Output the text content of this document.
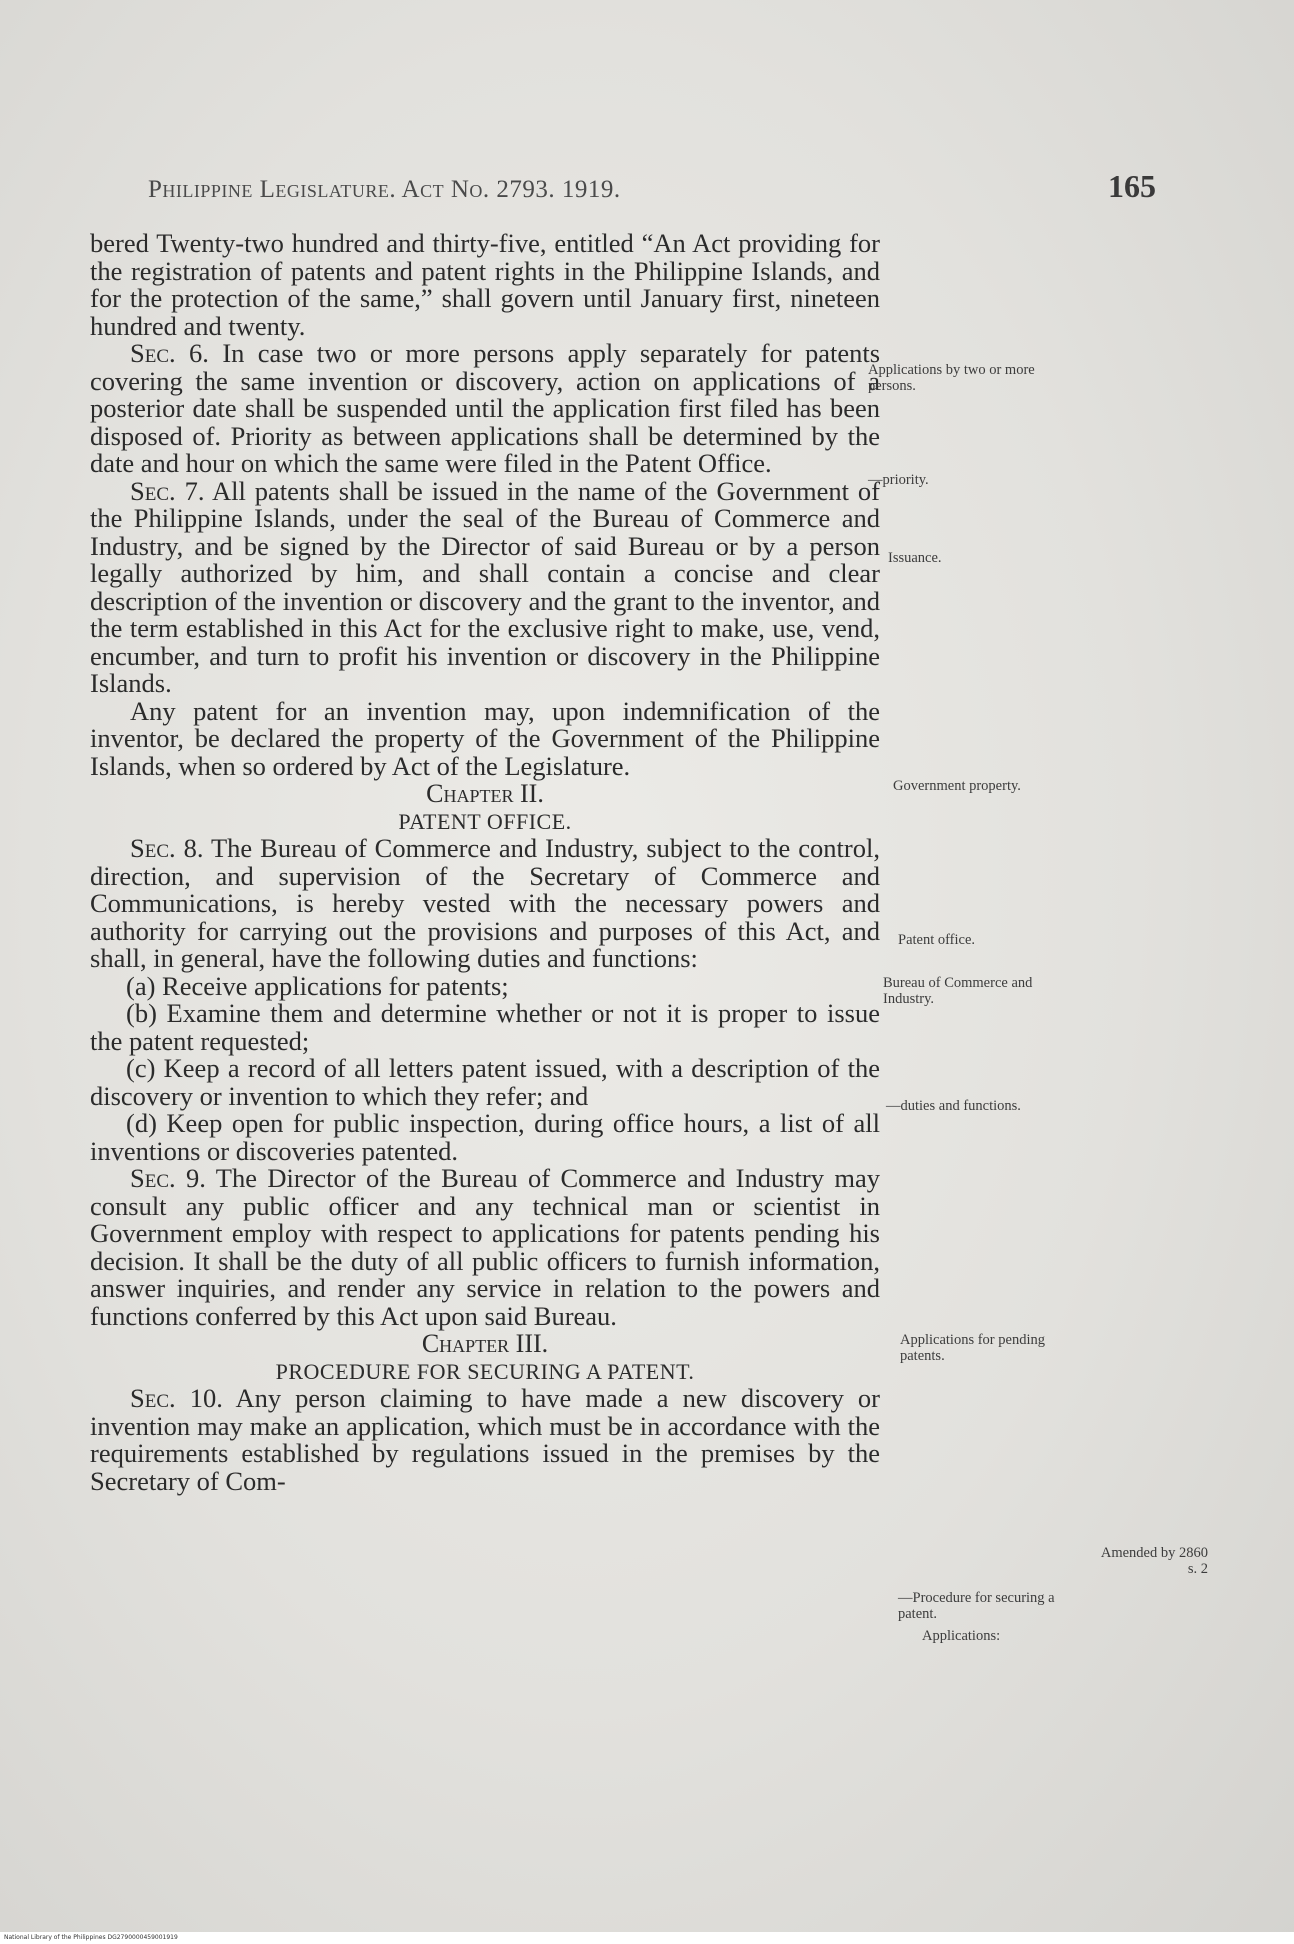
Philippine Legislature. Act No. 2793. 1919.	165

bered Twenty-two hundred and thirty-five, entitled “An Act providing for the registration of patents and patent rights in the Philippine Islands, and for the protection of the same,” shall govern until January first, nineteen hundred and twenty.

Sec. 6. In case two or more persons apply separately for patents covering the same invention or discovery, action on applications of a posterior date shall be suspended until the application first filed has been disposed of. Priority as between applications shall be determined by the date and hour on which the same were filed in the Patent Office.

Sec. 7. All patents shall be issued in the name of the Government of the Philippine Islands, under the seal of the Bureau of Commerce and Industry, and be signed by the Director of said Bureau or by a person legally authorized by him, and shall contain a concise and clear description of the invention or discovery and the grant to the inventor, and the term established in this Act for the exclusive right to make, use, vend, encumber, and turn to profit his invention or discovery in the Philippine Islands.

Any patent for an invention may, upon indemnification of the inventor, be declared the property of the Government of the Philippine Islands, when so ordered by Act of the Legislature.

Chapter II.

PATENT OFFICE.

Sec. 8. The Bureau of Commerce and Industry, subject to the control, direction, and supervision of the Secretary of Commerce and Communications, is hereby vested with the necessary powers and authority for carrying out the provisions and purposes of this Act, and shall, in general, have the following duties and functions:

(a) Receive applications for patents;

(b) Examine them and determine whether or not it is proper to issue the patent requested;

(c) Keep a record of all letters patent issued, with a description of the discovery or invention to which they refer; and

(d) Keep open for public inspection, during office hours, a list of all inventions or discoveries patented.

Sec. 9. The Director of the Bureau of Commerce and Industry may consult any public officer and any technical man or scientist in Government employ with respect to applications for patents pending his decision. It shall be the duty of all public officers to furnish information, answer inquiries, and render any service in relation to the powers and functions conferred by this Act upon said Bureau.

Chapter III.

PROCEDURE FOR SECURING A PATENT.

Sec. 10. Any person claiming to have made a new discovery or invention may make an application, which must be in accordance with the requirements established by regulations issued in the premises by the Secretary of Com-

Applications by two or more persons.
—priority.
Issuance.
Government property.
Patent office.
Bureau of Commerce and Industry.
—duties and functions.
Applications for pending patents.
Amended by 2860 s. 2
—Procedure for securing a patent.
Applications:
National Library of the Philippines DG2790000459001919
